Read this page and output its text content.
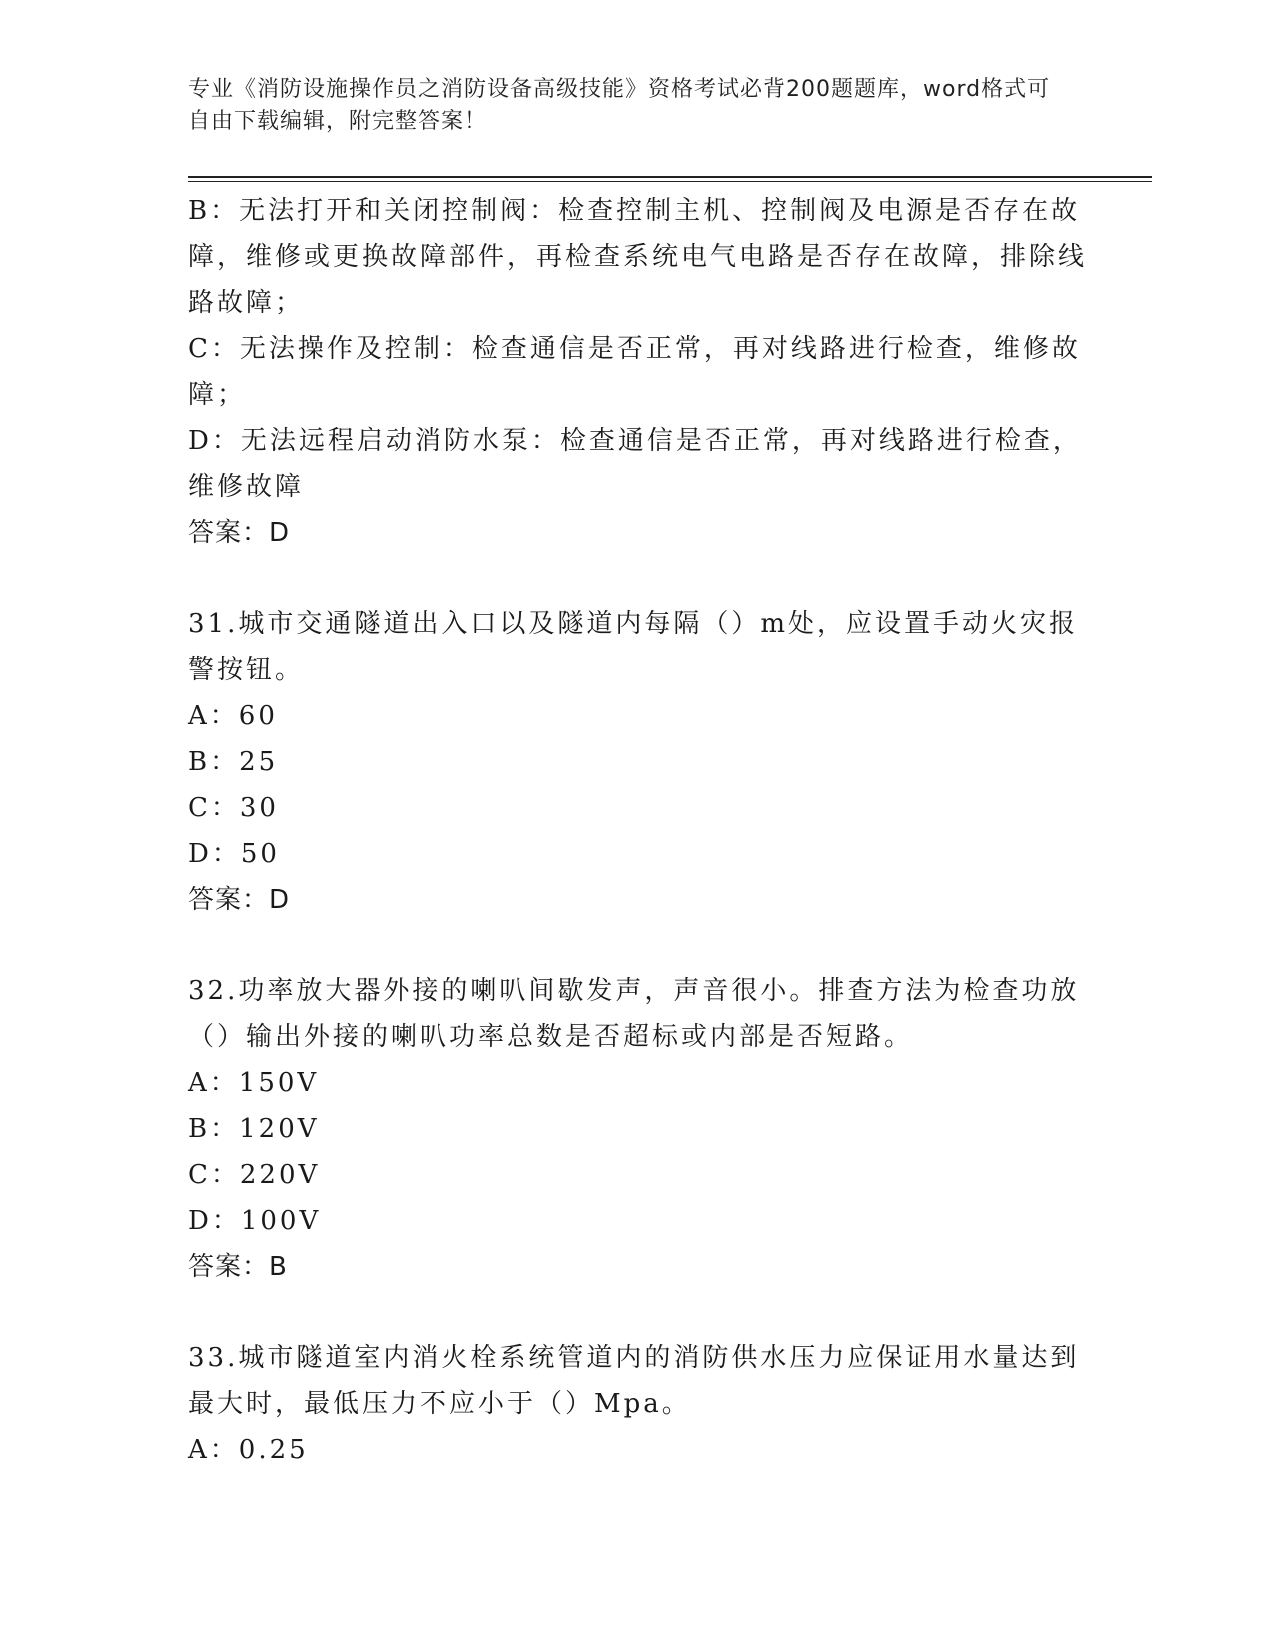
专业《消防设施操作员之消防设备高级技能》资格考试必背200题题库，word格式可自由下载编辑，附完整答案！

B：无法打开和关闭控制阀：检查控制主机、控制阀及电源是否存在故障，维修或更换故障部件，再检查系统电气电路是否存在故障，排除线路故障；

C：无法操作及控制：检查通信是否正常，再对线路进行检查，维修故障；

D：无法远程启动消防水泵：检查通信是否正常，再对线路进行检查，维修故障

答案：D

31.城市交通隧道出入口以及隧道内每隔（）m处，应设置手动火灾报警按钮。

A：60

B：25

C：30

D：50

答案：D

32.功率放大器外接的喇叭间歇发声，声音很小。排查方法为检查功放（）输出外接的喇叭功率总数是否超标或内部是否短路。

A：150V

B：120V

C：220V

D：100V

答案：B

33.城市隧道室内消火栓系统管道内的消防供水压力应保证用水量达到最大时，最低压力不应小于（）Mpa。

A：0.25
